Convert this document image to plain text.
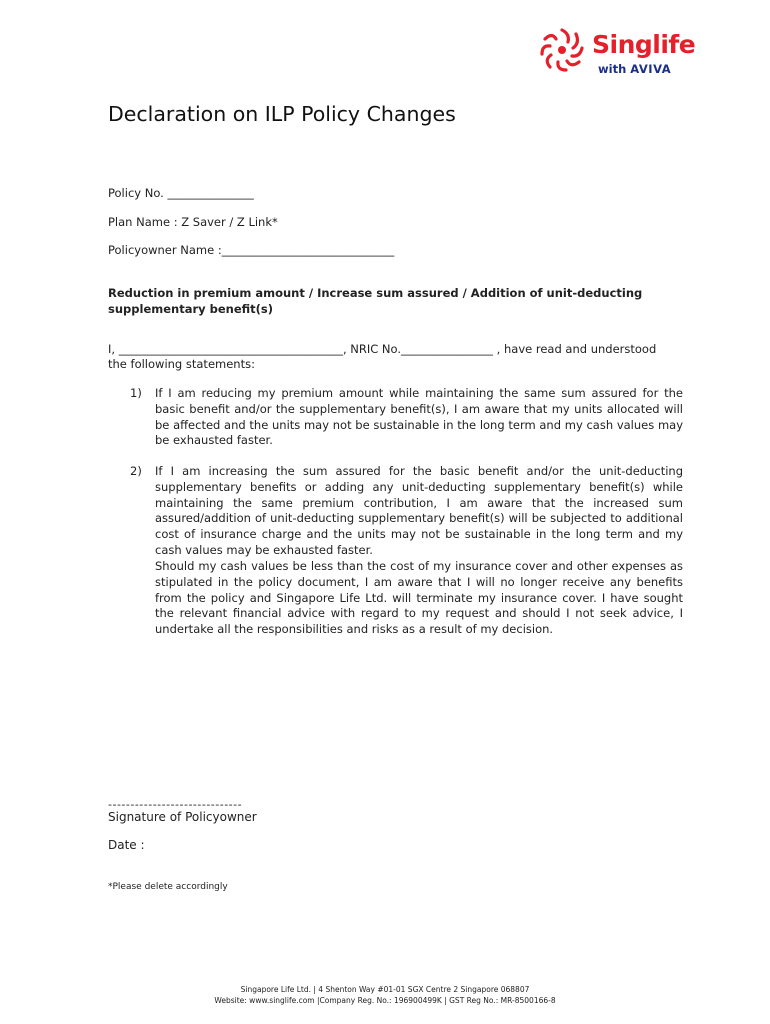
Singlife
with AVIVA
Declaration on ILP Policy Changes
Policy No. _______________
Plan Name : Z Saver / Z Link*
Policyowner Name :______________________________
Reduction in premium amount / Increase sum assured / Addition of unit-deducting supplementary benefit(s)
I, _______________________________________, NRIC No.________________ , have read and understood the following statements:
1) If I am reducing my premium amount while maintaining the same sum assured for the basic benefit and/or the supplementary benefit(s), I am aware that my units allocated will be affected and the units may not be sustainable in the long term and my cash values may be exhausted faster.
2) If I am increasing the sum assured for the basic benefit and/or the unit-deducting supplementary benefits or adding any unit-deducting supplementary benefit(s) while maintaining the same premium contribution, I am aware that the increased sum assured/addition of unit-deducting supplementary benefit(s) will be subjected to additional cost of insurance charge and the units may not be sustainable in the long term and my cash values may be exhausted faster.
Should my cash values be less than the cost of my insurance cover and other expenses as stipulated in the policy document, I am aware that I will no longer receive any benefits from the policy and Singapore Life Ltd. will terminate my insurance cover. I have sought the relevant financial advice with regard to my request and should I not seek advice, I undertake all the responsibilities and risks as a result of my decision.
------------------------------
Signature of Policyowner
Date :
*Please delete accordingly
Singapore Life Ltd. | 4 Shenton Way #01-01 SGX Centre 2 Singapore 068807
Website: www.singlife.com |Company Reg. No.: 196900499K | GST Reg No.: MR-8500166-8
